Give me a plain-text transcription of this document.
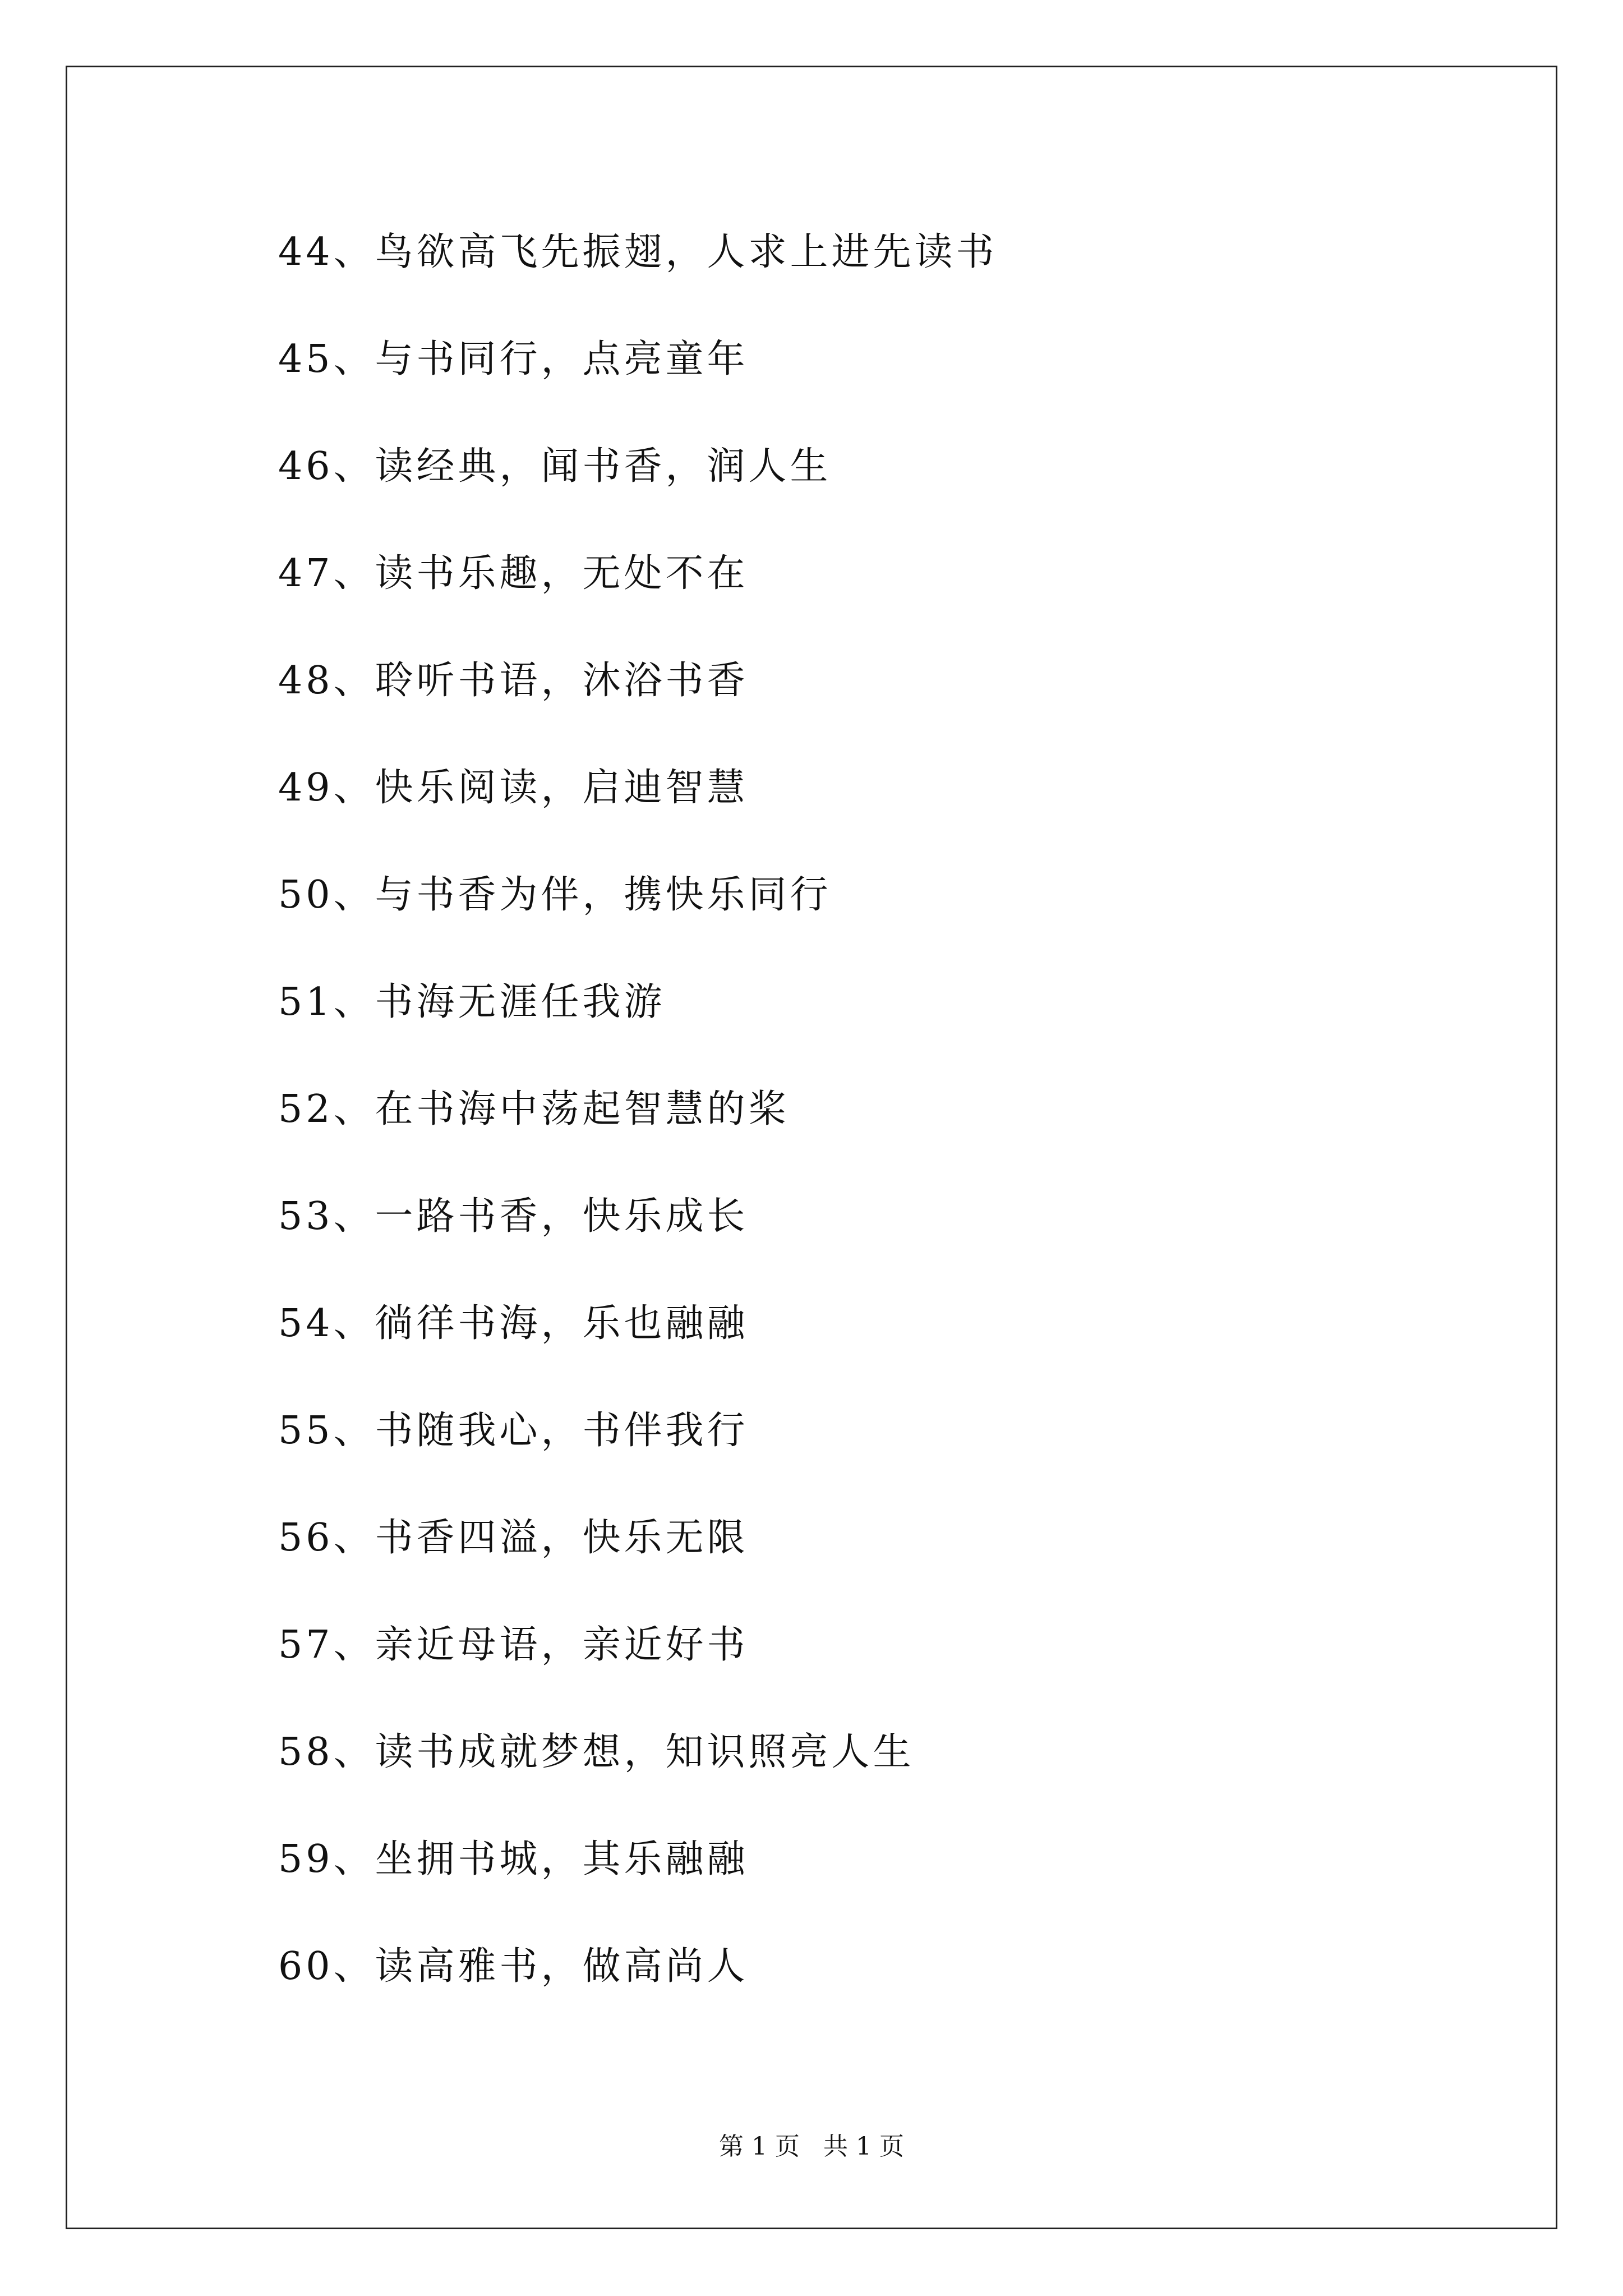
44、鸟欲高飞先振翅，人求上进先读书
45、与书同行，点亮童年
46、读经典，闻书香，润人生
47、读书乐趣，无处不在
48、聆听书语，沐浴书香
49、快乐阅读，启迪智慧
50、与书香为伴，携快乐同行
51、书海无涯任我游
52、在书海中荡起智慧的桨
53、一路书香，快乐成长
54、徜徉书海，乐也融融
55、书随我心，书伴我行
56、书香四溢，快乐无限
57、亲近母语，亲近好书
58、读书成就梦想，知识照亮人生
59、坐拥书城，其乐融融
60、读高雅书，做高尚人
第 1 页   共 1 页
